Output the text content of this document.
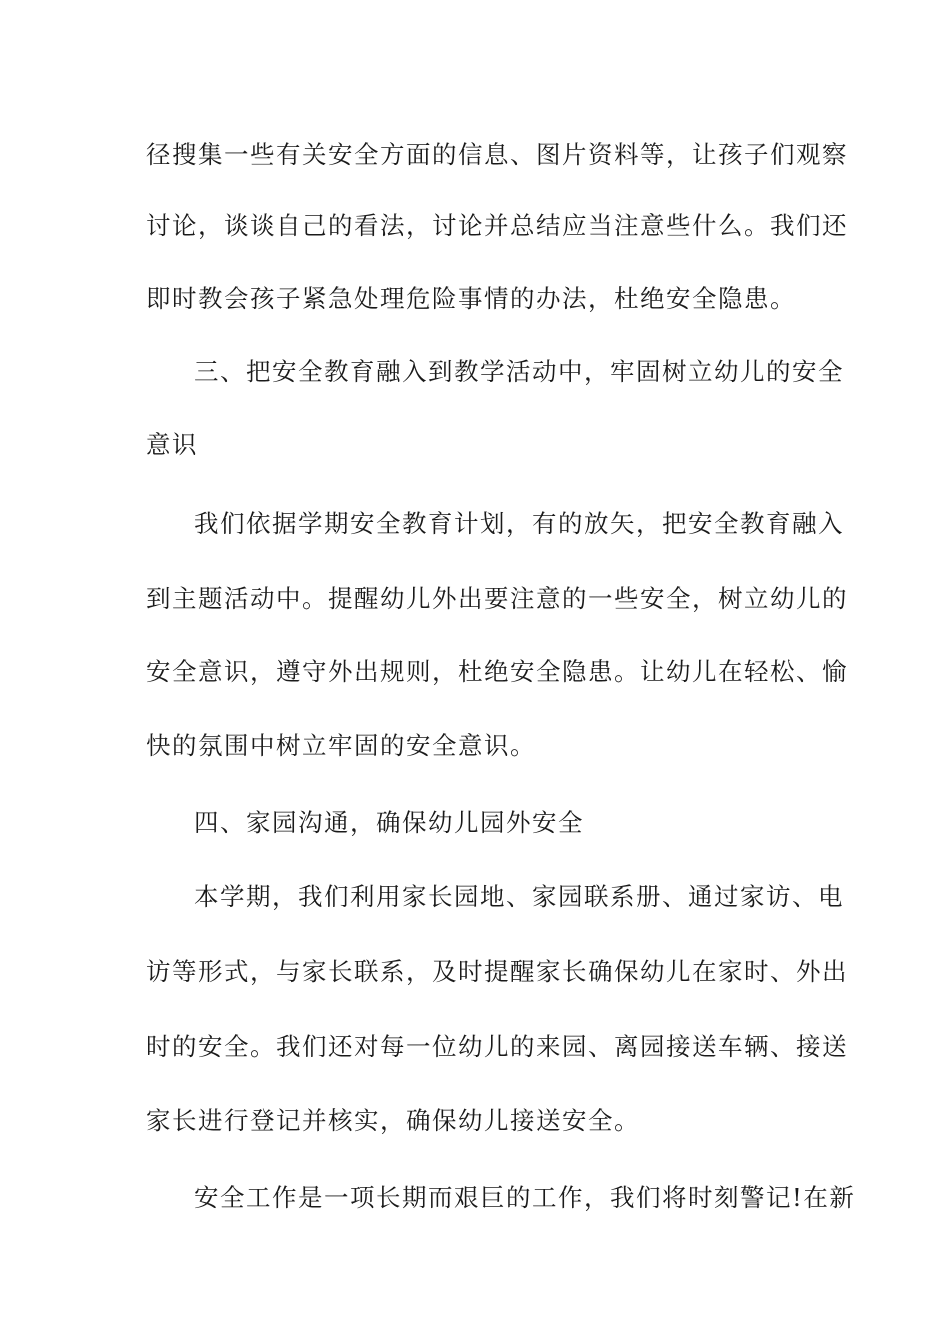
径搜集一些有关安全方面的信息、图片资料等，让孩子们观察
讨论，谈谈自己的看法，讨论并总结应当注意些什么。我们还
即时教会孩子紧急处理危险事情的办法，杜绝安全隐患。
三、把安全教育融入到教学活动中，牢固树立幼儿的安全
意识
我们依据学期安全教育计划，有的放矢，把安全教育融入
到主题活动中。提醒幼儿外出要注意的一些安全，树立幼儿的
安全意识，遵守外出规则，杜绝安全隐患。让幼儿在轻松、愉
快的氛围中树立牢固的安全意识。
四、家园沟通，确保幼儿园外安全
本学期，我们利用家长园地、家园联系册、通过家访、电
访等形式，与家长联系，及时提醒家长确保幼儿在家时、外出
时的安全。我们还对每一位幼儿的来园、离园接送车辆、接送
家长进行登记并核实，确保幼儿接送安全。
安全工作是一项长期而艰巨的工作，我们将时刻警记!在新
